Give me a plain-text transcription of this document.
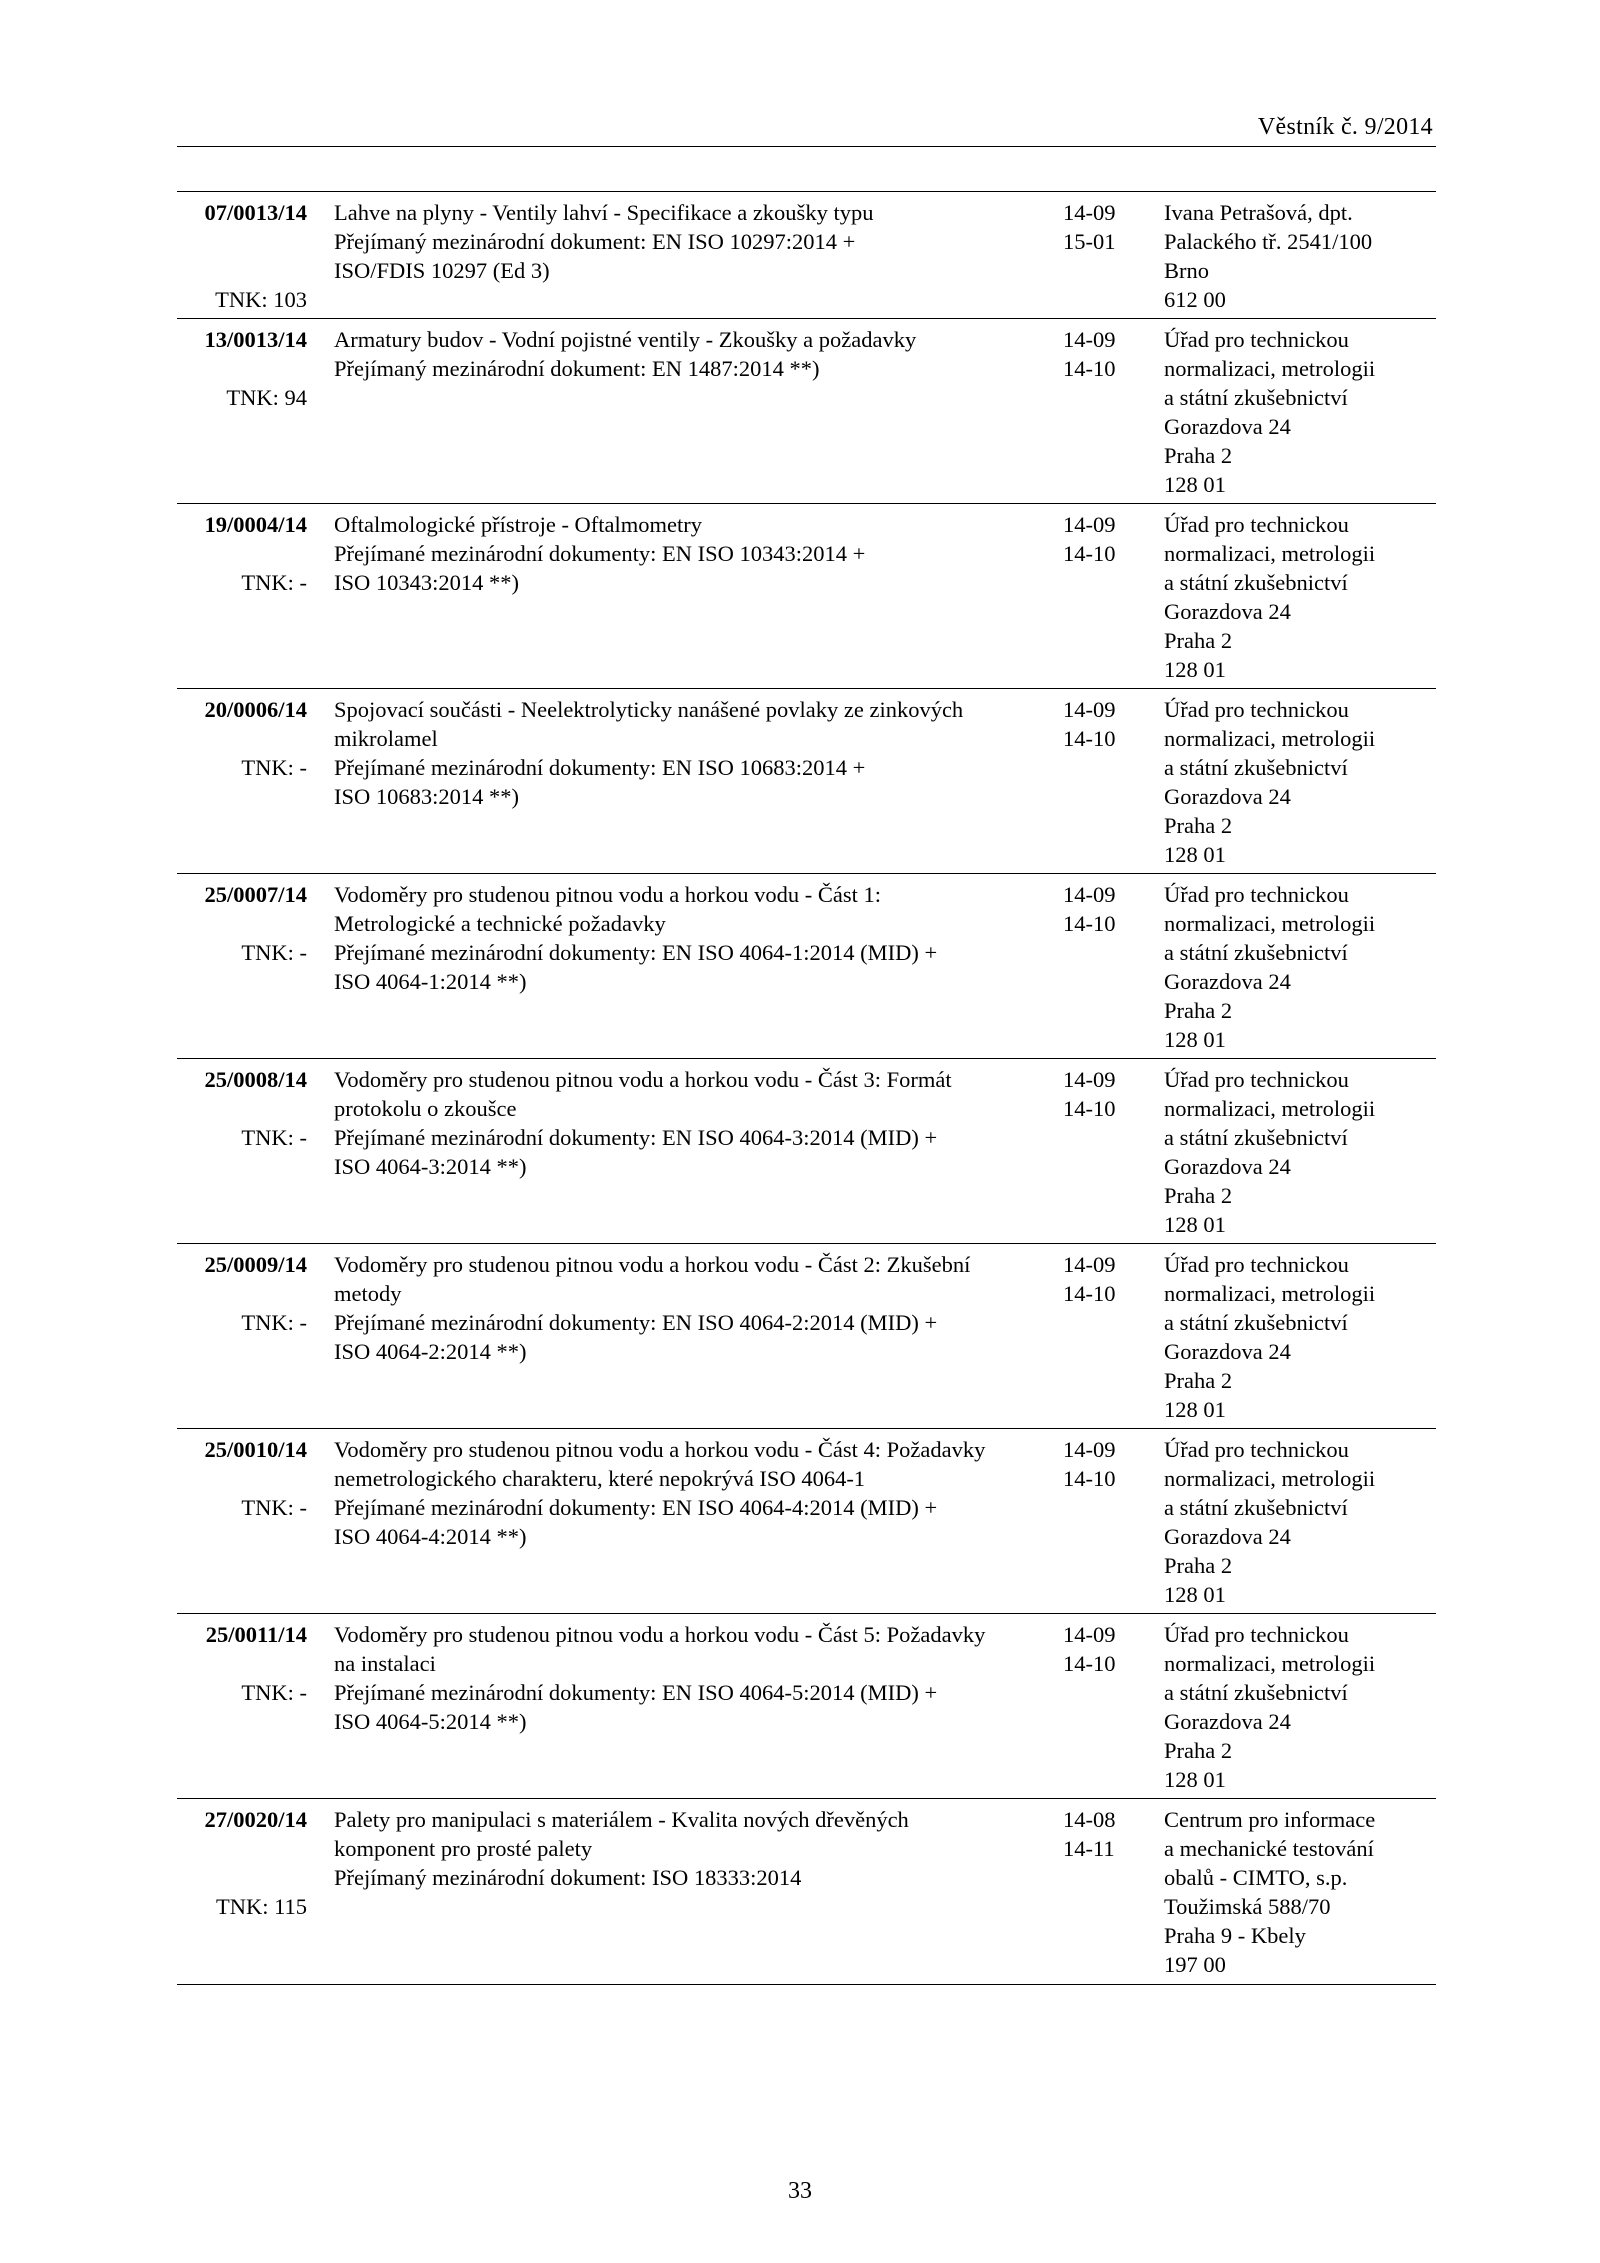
Věstník č. 9/2014
07/0013/14
TNK: 103
Lahve na plyny - Ventily lahví - Specifikace a zkoušky typu
Přejímaný mezinárodní dokument: EN ISO 10297:2014 +
ISO/FDIS 10297 (Ed 3)
14-09
15-01
Ivana Petrašová, dpt.
Palackého tř. 2541/100
Brno
612 00
13/0013/14
TNK: 94
Armatury budov - Vodní pojistné ventily - Zkoušky a požadavky
Přejímaný mezinárodní dokument: EN 1487:2014 **)
14-09
14-10
Úřad pro technickou
normalizaci, metrologii
a státní zkušebnictví
Gorazdova 24
Praha 2
128 01
19/0004/14
TNK: -
Oftalmologické přístroje - Oftalmometry
Přejímané mezinárodní dokumenty: EN ISO 10343:2014 +
ISO 10343:2014 **)
14-09
14-10
Úřad pro technickou
normalizaci, metrologii
a státní zkušebnictví
Gorazdova 24
Praha 2
128 01
20/0006/14
TNK: -
Spojovací součásti - Neelektrolyticky nanášené povlaky ze zinkových
mikrolamel
Přejímané mezinárodní dokumenty: EN ISO 10683:2014 +
ISO 10683:2014 **)
14-09
14-10
Úřad pro technickou
normalizaci, metrologii
a státní zkušebnictví
Gorazdova 24
Praha 2
128 01
25/0007/14
TNK: -
Vodoměry pro studenou pitnou vodu a horkou vodu - Část 1:
Metrologické a technické požadavky
Přejímané mezinárodní dokumenty: EN ISO 4064-1:2014 (MID) +
ISO 4064-1:2014 **)
14-09
14-10
Úřad pro technickou
normalizaci, metrologii
a státní zkušebnictví
Gorazdova 24
Praha 2
128 01
25/0008/14
TNK: -
Vodoměry pro studenou pitnou vodu a horkou vodu - Část 3: Formát
protokolu o zkoušce
Přejímané mezinárodní dokumenty: EN ISO 4064-3:2014 (MID) +
ISO 4064-3:2014 **)
14-09
14-10
Úřad pro technickou
normalizaci, metrologii
a státní zkušebnictví
Gorazdova 24
Praha 2
128 01
25/0009/14
TNK: -
Vodoměry pro studenou pitnou vodu a horkou vodu - Část 2: Zkušební
metody
Přejímané mezinárodní dokumenty: EN ISO 4064-2:2014 (MID) +
ISO 4064-2:2014 **)
14-09
14-10
Úřad pro technickou
normalizaci, metrologii
a státní zkušebnictví
Gorazdova 24
Praha 2
128 01
25/0010/14
TNK: -
Vodoměry pro studenou pitnou vodu a horkou vodu - Část 4: Požadavky
nemetrologického charakteru, které nepokrývá ISO 4064-1
Přejímané mezinárodní dokumenty: EN ISO 4064-4:2014 (MID) +
ISO 4064-4:2014 **)
14-09
14-10
Úřad pro technickou
normalizaci, metrologii
a státní zkušebnictví
Gorazdova 24
Praha 2
128 01
25/0011/14
TNK: -
Vodoměry pro studenou pitnou vodu a horkou vodu - Část 5: Požadavky
na instalaci
Přejímané mezinárodní dokumenty: EN ISO 4064-5:2014 (MID) +
ISO 4064-5:2014 **)
14-09
14-10
Úřad pro technickou
normalizaci, metrologii
a státní zkušebnictví
Gorazdova 24
Praha 2
128 01
27/0020/14
TNK: 115
Palety pro manipulaci s materiálem - Kvalita nových dřevěných
komponent pro prosté palety
Přejímaný mezinárodní dokument: ISO 18333:2014
14-08
14-11
Centrum pro informace
a mechanické testování
obalů - CIMTO, s.p.
Toužimská 588/70
Praha 9 - Kbely
197 00
33
